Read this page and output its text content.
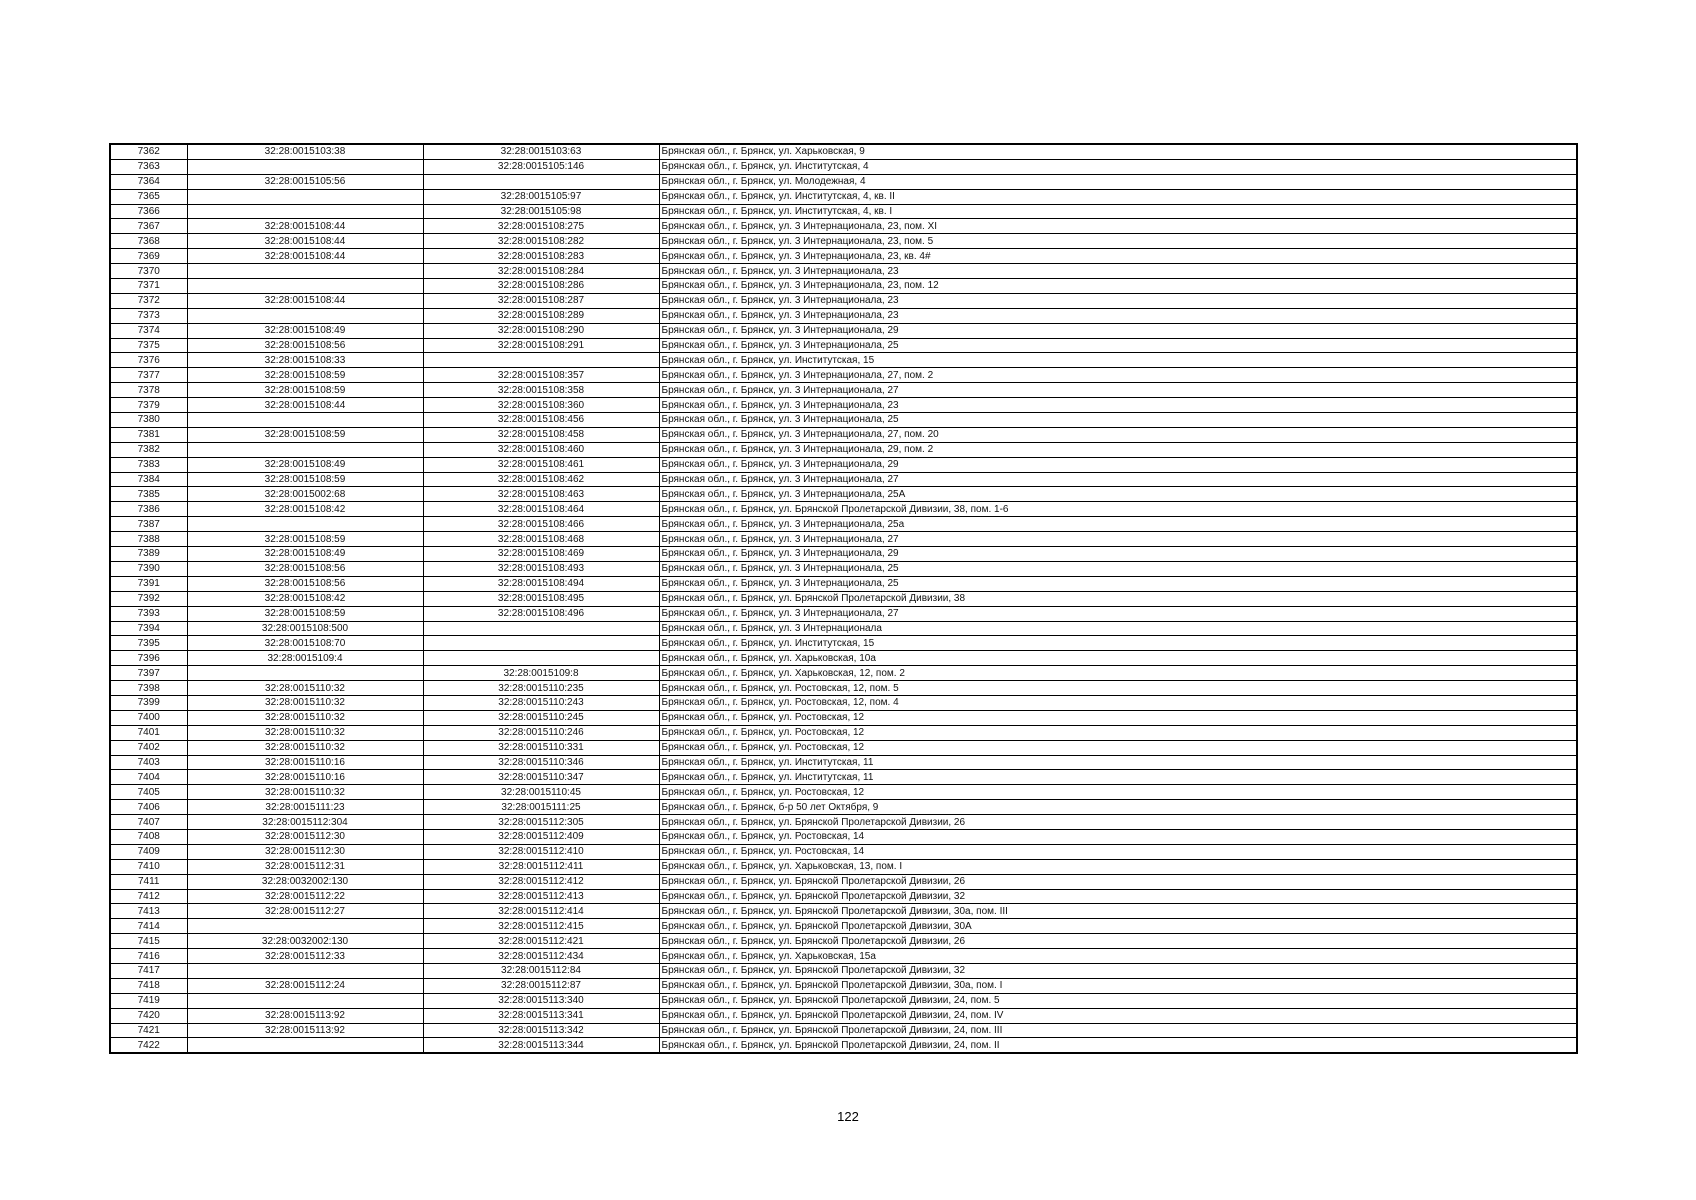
7362	32:28:0015103:38	32:28:0015103:63	Брянская обл., г. Брянск, ул. Харьковская, 9
7363		32:28:0015105:146	Брянская обл., г. Брянск, ул. Институтская, 4
7364	32:28:0015105:56		Брянская обл., г. Брянск, ул. Молодежная, 4
7365		32:28:0015105:97	Брянская обл., г. Брянск, ул. Институтская, 4, кв. II
7366		32:28:0015105:98	Брянская обл., г. Брянск, ул. Институтская, 4, кв. I
7367	32:28:0015108:44	32:28:0015108:275	Брянская обл., г. Брянск, ул. 3 Интернационала, 23, пом. XI
7368	32:28:0015108:44	32:28:0015108:282	Брянская обл., г. Брянск, ул. 3 Интернационала, 23, пом. 5
7369	32:28:0015108:44	32:28:0015108:283	Брянская обл., г. Брянск, ул. 3 Интернационала, 23, кв. 4#
7370		32:28:0015108:284	Брянская обл., г. Брянск, ул. 3 Интернационала, 23
7371		32:28:0015108:286	Брянская обл., г. Брянск, ул. 3 Интернационала, 23, пом. 12
7372	32:28:0015108:44	32:28:0015108:287	Брянская обл., г. Брянск, ул. 3 Интернационала, 23
7373		32:28:0015108:289	Брянская обл., г. Брянск, ул. 3 Интернационала, 23
7374	32:28:0015108:49	32:28:0015108:290	Брянская обл., г. Брянск, ул. 3 Интернационала, 29
7375	32:28:0015108:56	32:28:0015108:291	Брянская обл., г. Брянск, ул. 3 Интернационала, 25
7376	32:28:0015108:33		Брянская обл., г. Брянск, ул. Институтская, 15
7377	32:28:0015108:59	32:28:0015108:357	Брянская обл., г. Брянск, ул. 3 Интернационала, 27, пом. 2
7378	32:28:0015108:59	32:28:0015108:358	Брянская обл., г. Брянск, ул. 3 Интернационала, 27
7379	32:28:0015108:44	32:28:0015108:360	Брянская обл., г. Брянск, ул. 3 Интернационала, 23
7380		32:28:0015108:456	Брянская обл., г. Брянск, ул. 3 Интернационала, 25
7381	32:28:0015108:59	32:28:0015108:458	Брянская обл., г. Брянск, ул. 3 Интернационала, 27, пом. 20
7382		32:28:0015108:460	Брянская обл., г. Брянск, ул. 3 Интернационала, 29, пом. 2
7383	32:28:0015108:49	32:28:0015108:461	Брянская обл., г. Брянск, ул. 3 Интернационала, 29
7384	32:28:0015108:59	32:28:0015108:462	Брянская обл., г. Брянск, ул. 3 Интернационала, 27
7385	32:28:0015002:68	32:28:0015108:463	Брянская обл., г. Брянск, ул. 3 Интернационала, 25А
7386	32:28:0015108:42	32:28:0015108:464	Брянская обл., г. Брянск, ул. Брянской Пролетарской Дивизии, 38, пом. 1-6
7387		32:28:0015108:466	Брянская обл., г. Брянск, ул. 3 Интернационала, 25а
7388	32:28:0015108:59	32:28:0015108:468	Брянская обл., г. Брянск, ул. 3 Интернационала, 27
7389	32:28:0015108:49	32:28:0015108:469	Брянская обл., г. Брянск, ул. 3 Интернационала, 29
7390	32:28:0015108:56	32:28:0015108:493	Брянская обл., г. Брянск, ул. 3 Интернационала, 25
7391	32:28:0015108:56	32:28:0015108:494	Брянская обл., г. Брянск, ул. 3 Интернационала, 25
7392	32:28:0015108:42	32:28:0015108:495	Брянская обл., г. Брянск, ул. Брянской Пролетарской Дивизии, 38
7393	32:28:0015108:59	32:28:0015108:496	Брянская обл., г. Брянск, ул. 3 Интернационала, 27
7394	32:28:0015108:500		Брянская обл., г. Брянск, ул. 3 Интернационала
7395	32:28:0015108:70		Брянская обл., г. Брянск, ул. Институтская, 15
7396	32:28:0015109:4		Брянская обл., г. Брянск, ул. Харьковская, 10а
7397		32:28:0015109:8	Брянская обл., г. Брянск, ул. Харьковская, 12, пом. 2
7398	32:28:0015110:32	32:28:0015110:235	Брянская обл., г. Брянск, ул. Ростовская, 12, пом. 5
7399	32:28:0015110:32	32:28:0015110:243	Брянская обл., г. Брянск, ул. Ростовская, 12, пом. 4
7400	32:28:0015110:32	32:28:0015110:245	Брянская обл., г. Брянск, ул. Ростовская, 12
7401	32:28:0015110:32	32:28:0015110:246	Брянская обл., г. Брянск, ул. Ростовская, 12
7402	32:28:0015110:32	32:28:0015110:331	Брянская обл., г. Брянск, ул. Ростовская, 12
7403	32:28:0015110:16	32:28:0015110:346	Брянская обл., г. Брянск, ул. Институтская, 11
7404	32:28:0015110:16	32:28:0015110:347	Брянская обл., г. Брянск, ул. Институтская, 11
7405	32:28:0015110:32	32:28:0015110:45	Брянская обл., г. Брянск, ул. Ростовская, 12
7406	32:28:0015111:23	32:28:0015111:25	Брянская обл., г. Брянск, б-р 50 лет Октября, 9
7407	32:28:0015112:304	32:28:0015112:305	Брянская обл., г. Брянск, ул. Брянской Пролетарской Дивизии, 26
7408	32:28:0015112:30	32:28:0015112:409	Брянская обл., г. Брянск, ул. Ростовская, 14
7409	32:28:0015112:30	32:28:0015112:410	Брянская обл., г. Брянск, ул. Ростовская, 14
7410	32:28:0015112:31	32:28:0015112:411	Брянская обл., г. Брянск, ул. Харьковская, 13, пом. I
7411	32:28:0032002:130	32:28:0015112:412	Брянская обл., г. Брянск, ул. Брянской Пролетарской Дивизии, 26
7412	32:28:0015112:22	32:28:0015112:413	Брянская обл., г. Брянск, ул. Брянской Пролетарской Дивизии, 32
7413	32:28:0015112:27	32:28:0015112:414	Брянская обл., г. Брянск, ул. Брянской Пролетарской Дивизии, 30а, пом. III
7414		32:28:0015112:415	Брянская обл., г. Брянск, ул. Брянской Пролетарской Дивизии, 30А
7415	32:28:0032002:130	32:28:0015112:421	Брянская обл., г. Брянск, ул. Брянской Пролетарской Дивизии, 26
7416	32:28:0015112:33	32:28:0015112:434	Брянская обл., г. Брянск, ул. Харьковская, 15а
7417		32:28:0015112:84	Брянская обл., г. Брянск, ул. Брянской Пролетарской Дивизии, 32
7418	32:28:0015112:24	32:28:0015112:87	Брянская обл., г. Брянск, ул. Брянской Пролетарской Дивизии, 30а, пом. I
7419		32:28:0015113:340	Брянская обл., г. Брянск, ул. Брянской Пролетарской Дивизии, 24, пом. 5
7420	32:28:0015113:92	32:28:0015113:341	Брянская обл., г. Брянск, ул. Брянской Пролетарской Дивизии, 24, пом. IV
7421	32:28:0015113:92	32:28:0015113:342	Брянская обл., г. Брянск, ул. Брянской Пролетарской Дивизии, 24, пом. III
7422		32:28:0015113:344	Брянская обл., г. Брянск, ул. Брянской Пролетарской Дивизии, 24, пом. II
122
